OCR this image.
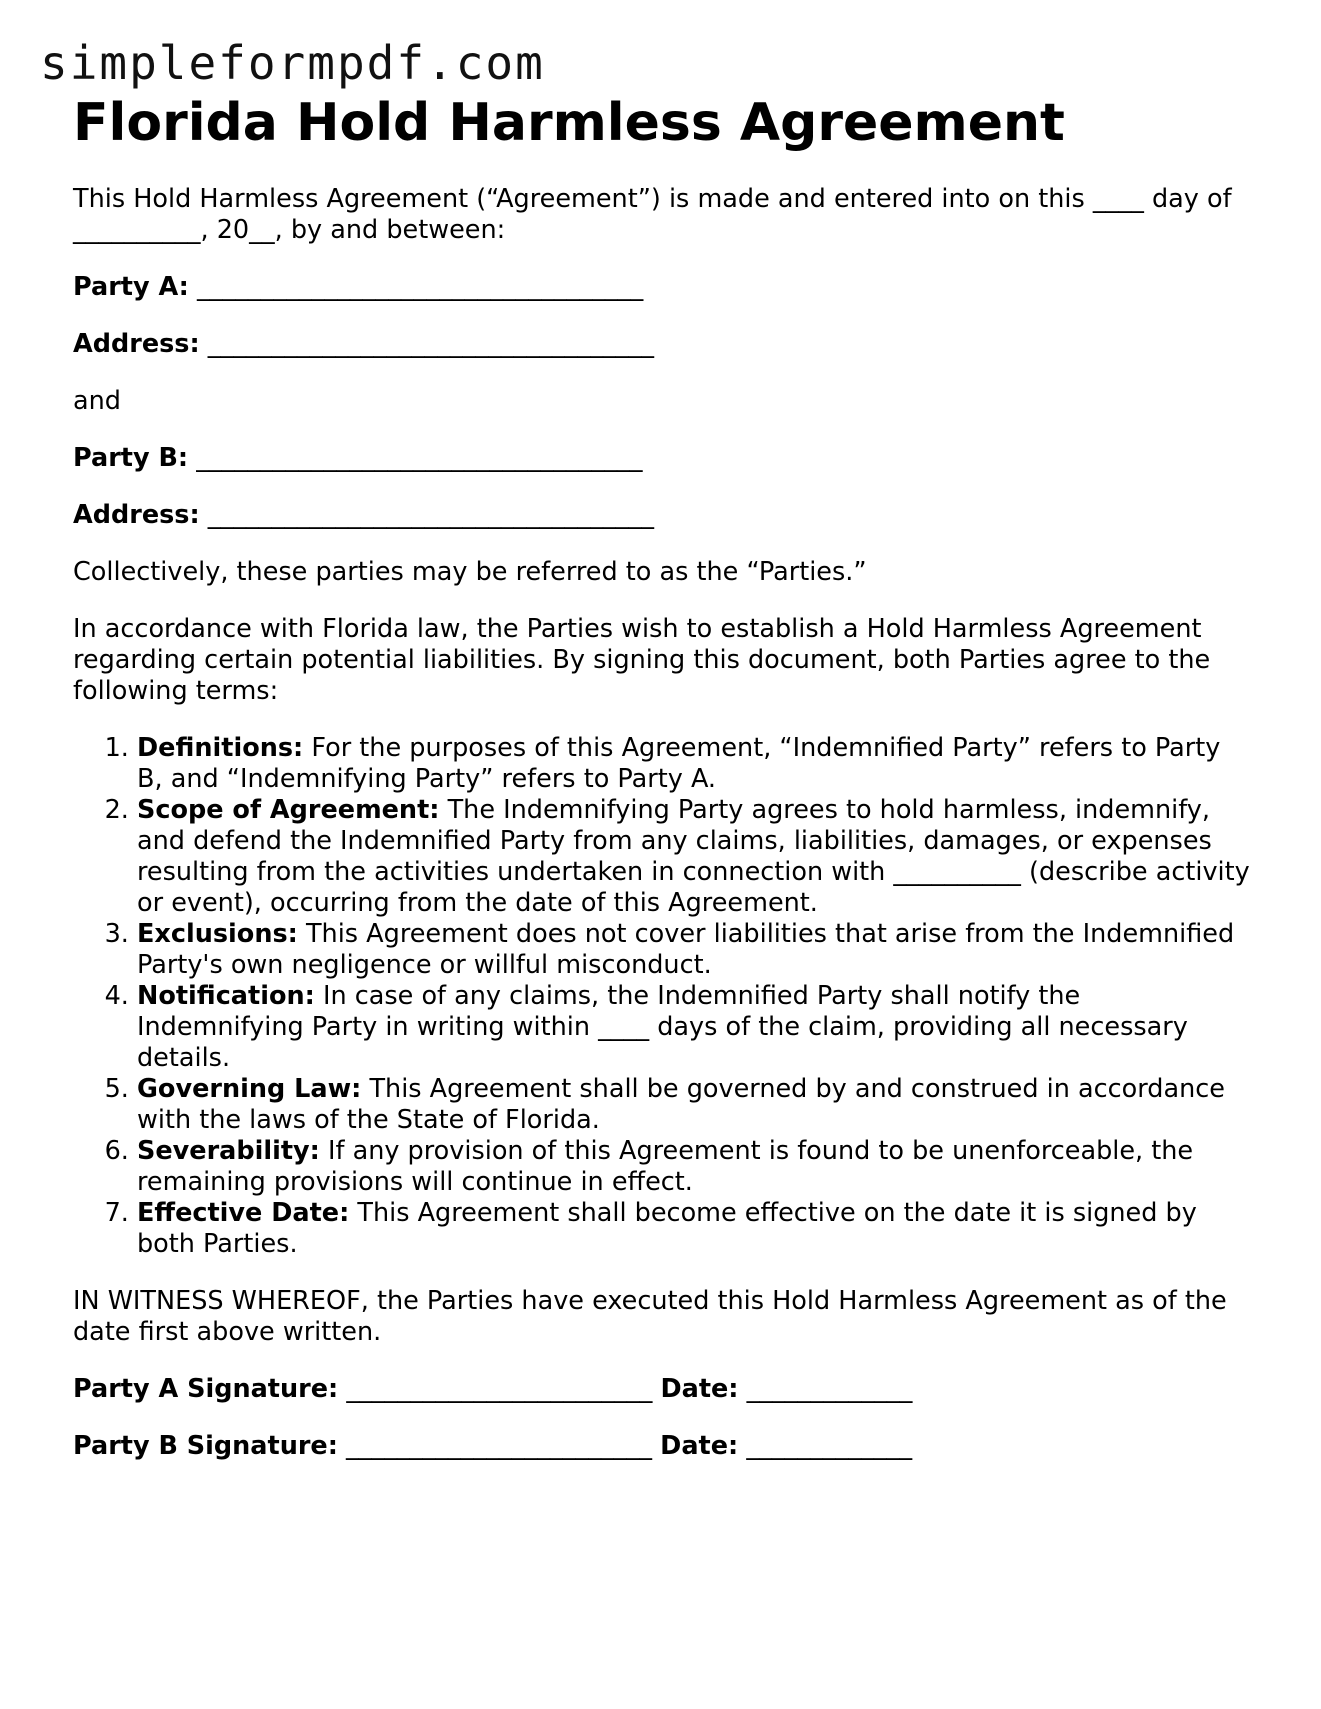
simpleformpdf.com
Florida Hold Harmless Agreement

This Hold Harmless Agreement (“Agreement”) is made and entered into on this ____ day of __________, 20__, by and between:

Party A: ___________________________________

Address: ___________________________________

and

Party B: ___________________________________

Address: ___________________________________

Collectively, these parties may be referred to as the “Parties.”

In accordance with Florida law, the Parties wish to establish a Hold Harmless Agreement regarding certain potential liabilities. By signing this document, both Parties agree to the following terms:

1. Definitions: For the purposes of this Agreement, “Indemnified Party” refers to Party B, and “Indemnifying Party” refers to Party A.
2. Scope of Agreement: The Indemnifying Party agrees to hold harmless, indemnify, and defend the Indemnified Party from any claims, liabilities, damages, or expenses resulting from the activities undertaken in connection with __________ (describe activity or event), occurring from the date of this Agreement.
3. Exclusions: This Agreement does not cover liabilities that arise from the Indemnified Party's own negligence or willful misconduct.
4. Notification: In case of any claims, the Indemnified Party shall notify the Indemnifying Party in writing within ____ days of the claim, providing all necessary details.
5. Governing Law: This Agreement shall be governed by and construed in accordance with the laws of the State of Florida.
6. Severability: If any provision of this Agreement is found to be unenforceable, the remaining provisions will continue in effect.
7. Effective Date: This Agreement shall become effective on the date it is signed by both Parties.

IN WITNESS WHEREOF, the Parties have executed this Hold Harmless Agreement as of the date first above written.

Party A Signature: ________________________ Date: _____________

Party B Signature: ________________________ Date: _____________
